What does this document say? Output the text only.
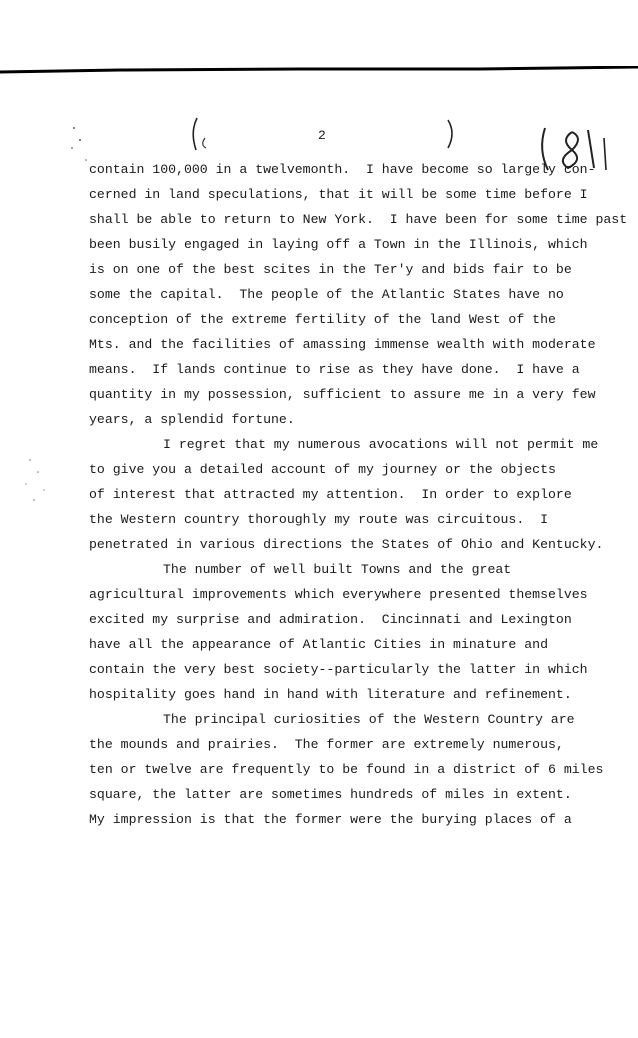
2
contain 100,000 in a twelvemonth.  I have become so largely con-
cerned in land speculations, that it will be some time before I
shall be able to return to New York.  I have been for some time past
been busily engaged in laying off a Town in the Illinois, which
is on one of the best scites in the Ter'y and bids fair to be
some the capital.  The people of the Atlantic States have no
conception of the extreme fertility of the land West of the
Mts. and the facilities of amassing immense wealth with moderate
means.  If lands continue to rise as they have done.  I have a
quantity in my possession, sufficient to assure me in a very few
years, a splendid fortune.
I regret that my numerous avocations will not permit me
to give you a detailed account of my journey or the objects
of interest that attracted my attention.  In order to explore
the Western country thoroughly my route was circuitous.  I
penetrated in various directions the States of Ohio and Kentucky.
The number of well built Towns and the great
agricultural improvements which everywhere presented themselves
excited my surprise and admiration.  Cincinnati and Lexington
have all the appearance of Atlantic Cities in minature and
contain the very best society--particularly the latter in which
hospitality goes hand in hand with literature and refinement.
The principal curiosities of the Western Country are
the mounds and prairies.  The former are extremely numerous,
ten or twelve are frequently to be found in a district of 6 miles
square, the latter are sometimes hundreds of miles in extent.
My impression is that the former were the burying places of a
